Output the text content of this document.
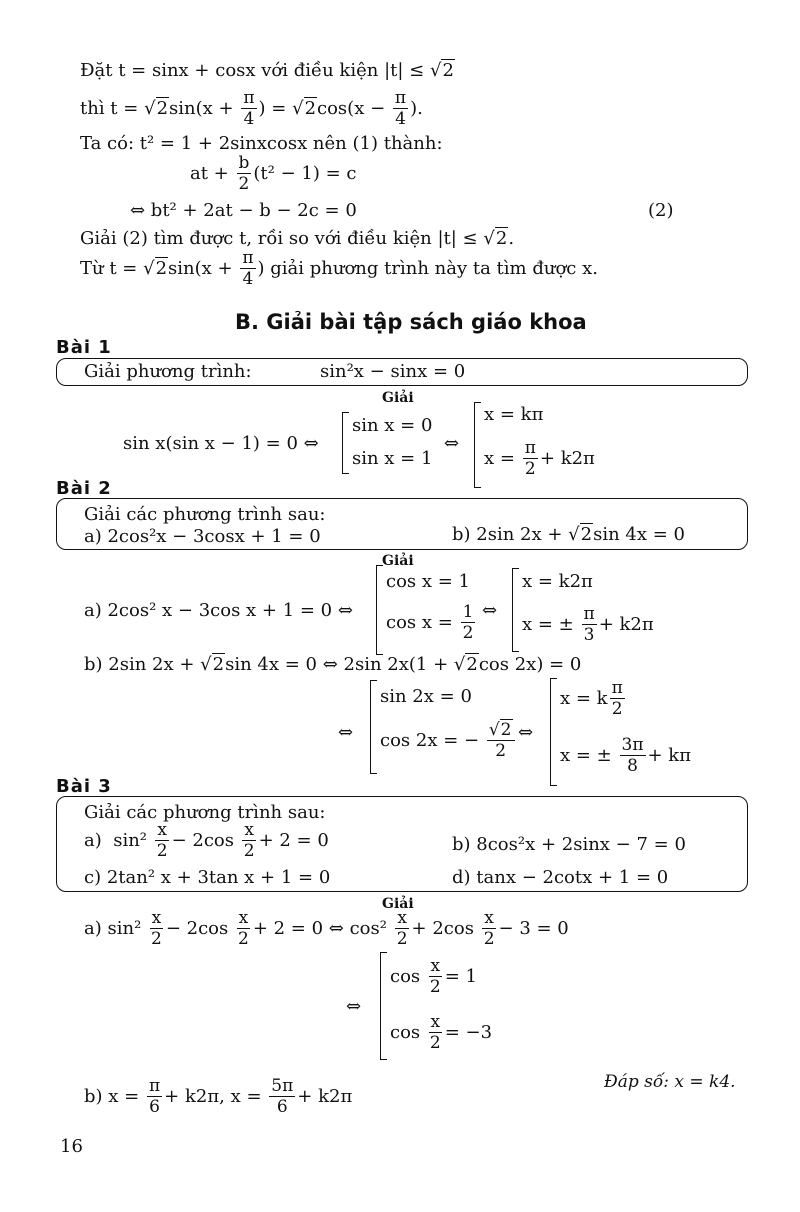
Đặt t = sinx + cosx với điều kiện |t| ≤ √2
thì $t = √2\sin(x + \frac{\pi}{4}$ ) = $√2\cos(x - \frac{\pi}{4}$ ).
Ta có: t² = 1 + 2sinxcosx nên (1) thành:
at + $\frac{b}{2} (t^2 - 1) = c$
⇔ bt² + 2at − b − 2c = 0	(2)
Giải (2) tìm được t, rồi so với điều kiện |t| ≤ √2.
Từ $t = √2\sin(x + \frac{\pi}{4}$ ) giải phương trình này ta tìm được x.
B. Giải bài tập sách giáo khoa
Bài 1
Giải phương trình:	sin²x − sinx = 0
Giải
sin x(sin x − 1) = 0 ⇔
sin x = 0
sin x = 1
⇔
x = kπ
$x = \frac{\pi}{2} + k2\pi$
Bài 2
Giải các phương trình sau:
a) 2cos²x − 3cosx + 1 = 0	b) 2sin 2x + √2sin 4x = 0
Giải
a) 2cos² x − 3cos x + 1 = 0 ⇔
cos x = 1
$\cos x = \frac{1}{2}$ ⇔
x = k2π
x = ± $\frac{\pi}{3} + k2\pi$
b) 2sin 2x + √2sin 4x = 0 ⇔ 2sin 2x(1 + √2cos 2x) = 0
⇔
sin 2x = 0
cos 2x = − $\frac{√2}{2}$ ⇔
x = k $\frac{\pi}{2}$
x = ± $\frac{3\pi}{8} + k\pi$
Bài 3
Giải các phương trình sau:
a) $\sin^2 \frac{x}{2} - 2\cos \frac{x}{2} + 2 = 0$	b) 8cos²x + 2sinx − 7 = 0
c) 2tan² x + 3tan x + 1 = 0	d) tanx − 2cotx + 1 = 0
Giải
a) $\sin^2 \frac{x}{2} - 2\cos \frac{x}{2} + 2 = 0$ ⇔ $\cos^2 \frac{x}{2} + 2\cos \frac{x}{2} - 3 = 0$
⇔
$\cos \frac{x}{2} = 1$
$\cos \frac{x}{2} = -3$
Đáp số: x = k4.
b) $x = \frac{\pi}{6} + k2\pi$, $x = \frac{5\pi}{6} + k2\pi$
16
